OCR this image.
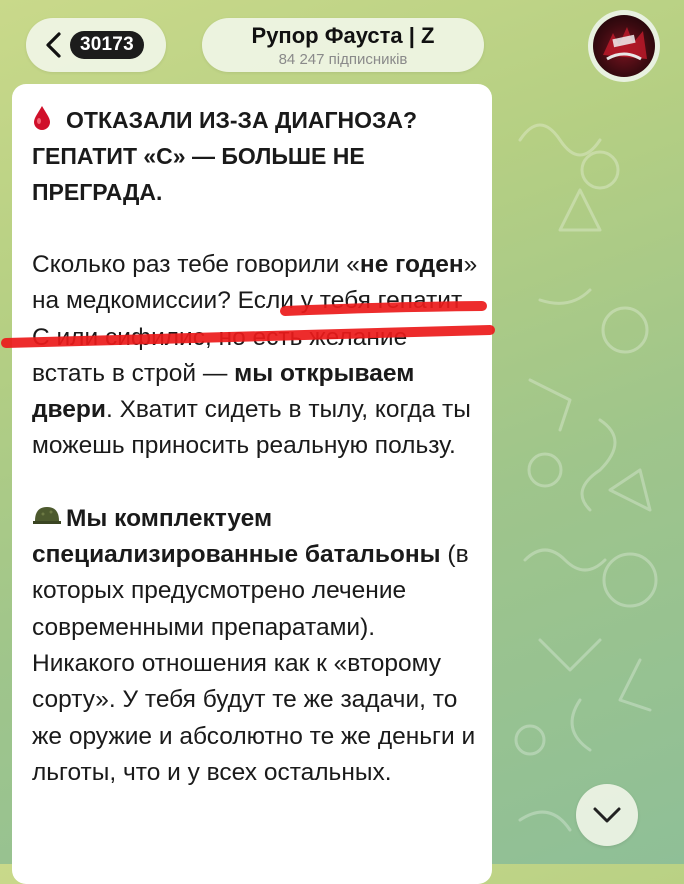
30173	Рупор Фауста | Z
84 247 підписників

ОТКАЗАЛИ ИЗ-ЗА ДИАГНОЗА? ГЕПАТИТ «С» — БОЛЬШЕ НЕ ПРЕГРАДА.

Сколько раз тебе говорили «не годен» на медкомиссии? Если у тебя гепатит С или сифилис, но есть желание встать в строй — мы открываем двери. Хватит сидеть в тылу, когда ты можешь приносить реальную пользу.

Мы комплектуем специализированные батальоны (в которых предусмотрено лечение современными препаратами). Никакого отношения как к «второму сорту». У тебя будут те же задачи, то же оружие и абсолютно те же деньги и льготы, что и у всех остальных.
